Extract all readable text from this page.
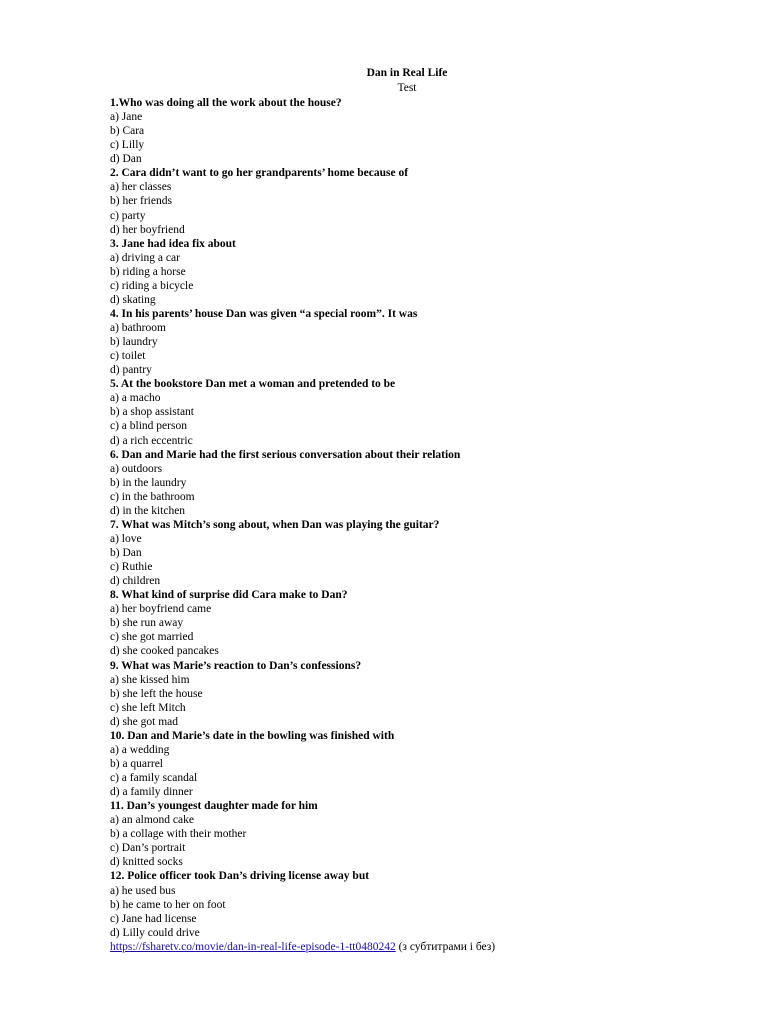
Dan in Real Life
Test
1.Who was doing all the work about the house?
a) Jane
b) Cara
c) Lilly
d) Dan
2. Cara didn’t want to go her grandparents’ home because of
a) her classes
b) her friends
c) party
d) her boyfriend
3. Jane had idea fix about
a) driving a car
b) riding a horse
c) riding a bicycle
d) skating
4. In his parents’ house Dan was given “a special room”. It was
a) bathroom
b) laundry
c) toilet
d) pantry
5. At the bookstore Dan met a woman and pretended to be
a) a macho
b) a shop assistant
c) a blind person
d) a rich eccentric
6. Dan and Marie had the first serious conversation about their relation
a) outdoors
b) in the laundry
c) in the bathroom
d) in the kitchen
7. What was Mitch’s song about, when Dan was playing the guitar?
a) love
b) Dan
c) Ruthie
d) children
8. What kind of surprise did Cara make to Dan?
a) her boyfriend came
b) she run away
c) she got married
d) she cooked pancakes
9. What was Marie’s reaction to Dan’s confessions?
a) she kissed him
b) she left the house
c) she left Mitch
d) she got mad
10. Dan and Marie’s date in the bowling was finished with
a) a wedding
b) a quarrel
c) a family scandal
d) a family dinner
11. Dan’s youngest daughter made for him
a) an almond cake
b) a collage with their mother
c) Dan’s portrait
d) knitted socks
12. Police officer took Dan’s driving license away but
a) he used bus
b) he came to her on foot
c) Jane had license
d) Lilly could drive
https://fsharetv.co/movie/dan-in-real-life-episode-1-tt0480242 (з субтитрами і без)
